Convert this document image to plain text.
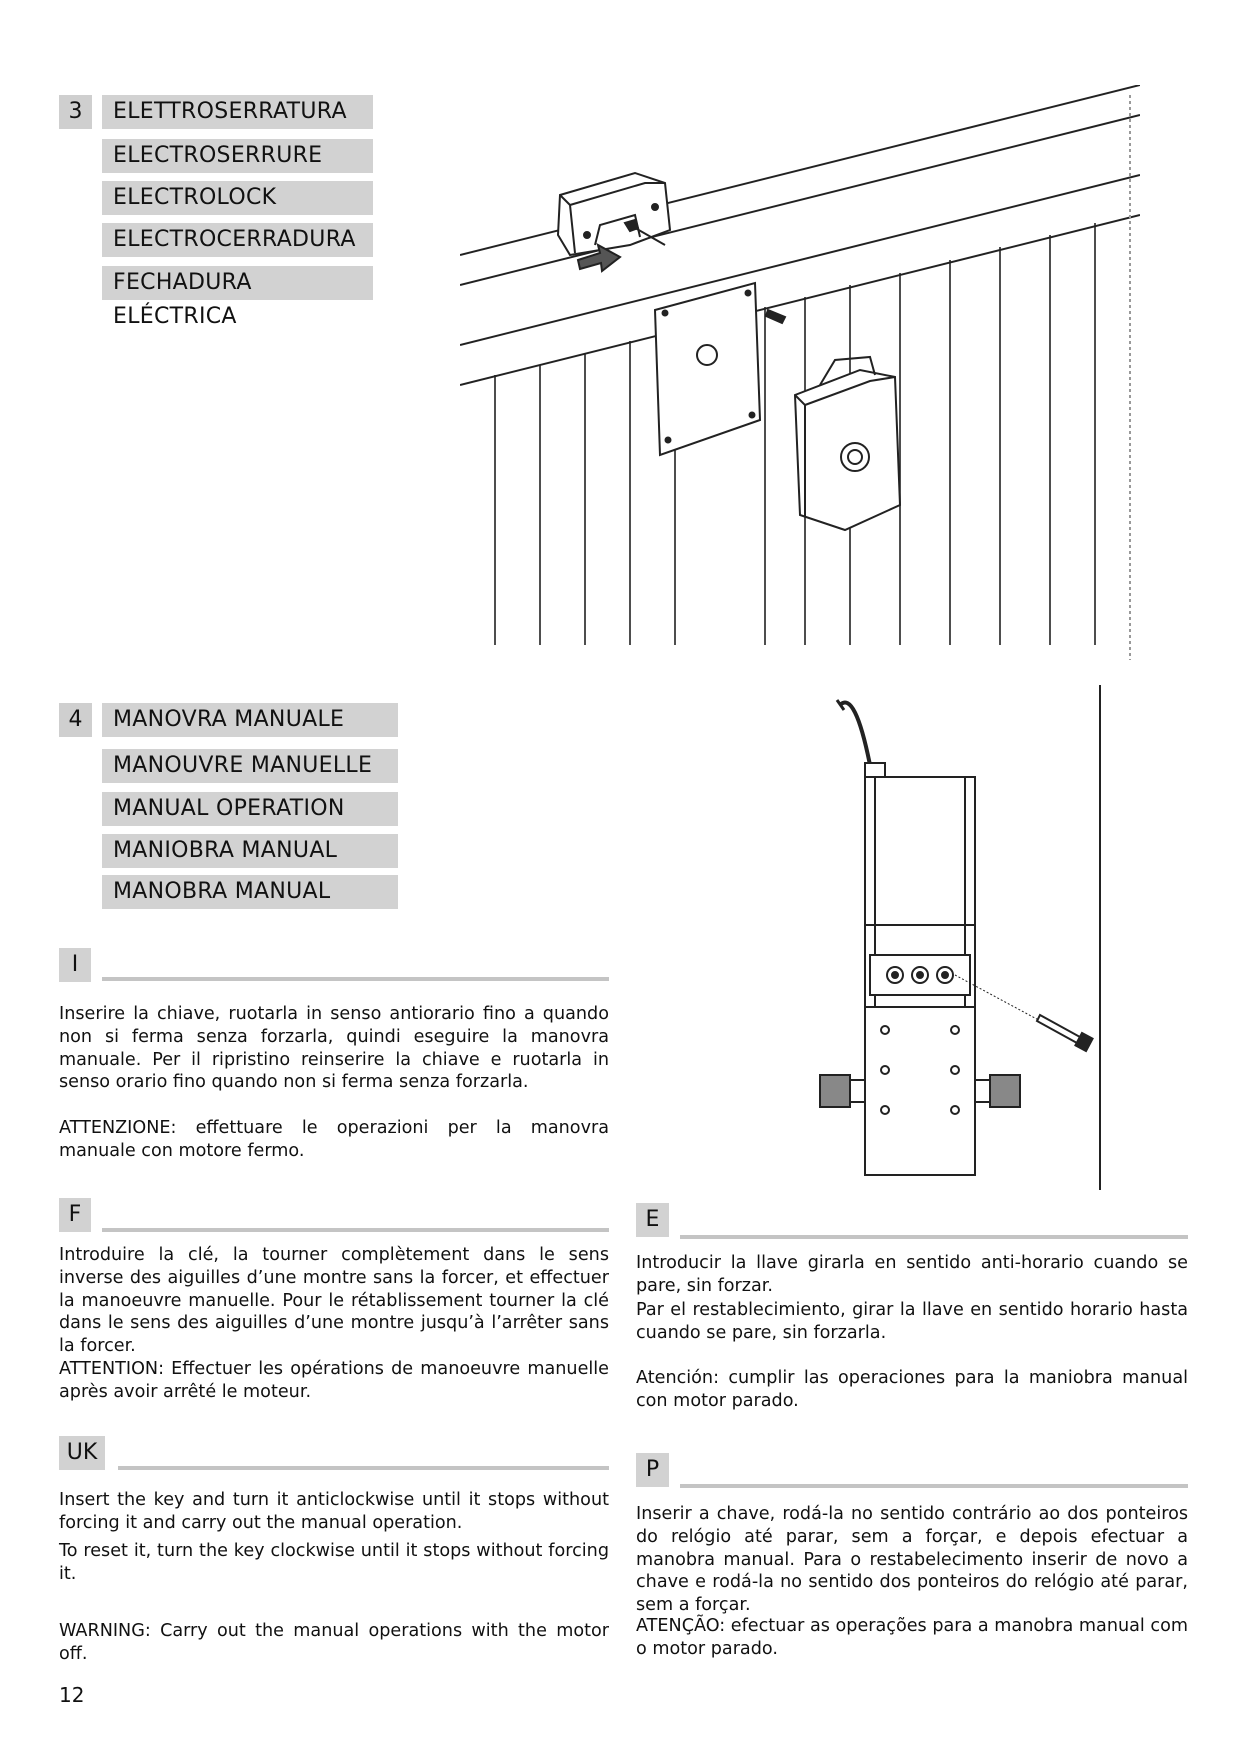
3	ELETTROSERRATURA
ELECTROSERRURE
ELECTROLOCK
ELECTROCERRADURA
FECHADURA ELÉCTRICA
4	MANOVRA MANUALE
MANOUVRE MANUELLE
MANUAL OPERATION
MANIOBRA MANUAL
MANOBRA MANUAL
I

Inserire la chiave, ruotarla in senso antiorario fino a quando non si ferma senza forzarla, quindi eseguire la manovra manuale. Per il ripristino reinserire la chiave e ruotarla in senso orario fino quando non si ferma senza forzarla.

ATTENZIONE: effettuare le operazioni per la manovra manuale con motore fermo.

F

Introduire la clé, la tourner complètement dans le sens inverse des aiguilles d’une montre sans la forcer, et effectuer la manoeuvre manuelle. Pour le rétablissement tourner la clé dans le sens des aiguilles d’une montre jusqu’à l’arrêter sans la forcer.

ATTENTION: Effectuer les opérations de manoeuvre manuelle après avoir arrêté le moteur.

UK

Insert the key and turn it anticlockwise until it stops without forcing it and carry out the manual operation.

To reset it, turn the key clockwise until it stops without forcing it.

WARNING: Carry out the manual operations with the motor off.

E

Introducir la llave girarla en sentido anti-horario cuando se pare, sin forzar.

Par el restablecimiento, girar la llave en sentido horario hasta cuando se pare, sin forzarla.

Atención: cumplir las operaciones para la maniobra manual con motor parado.

P

Inserir a chave, rodá-la no sentido contrário ao dos ponteiros do relógio até parar, sem a forçar, e depois efectuar a manobra manual. Para o restabelecimento inserir de novo a chave e rodá-la no sentido dos ponteiros do relógio até parar, sem a forçar.

ATENÇÃO: efectuar as operações para a manobra manual com o motor parado.

12
